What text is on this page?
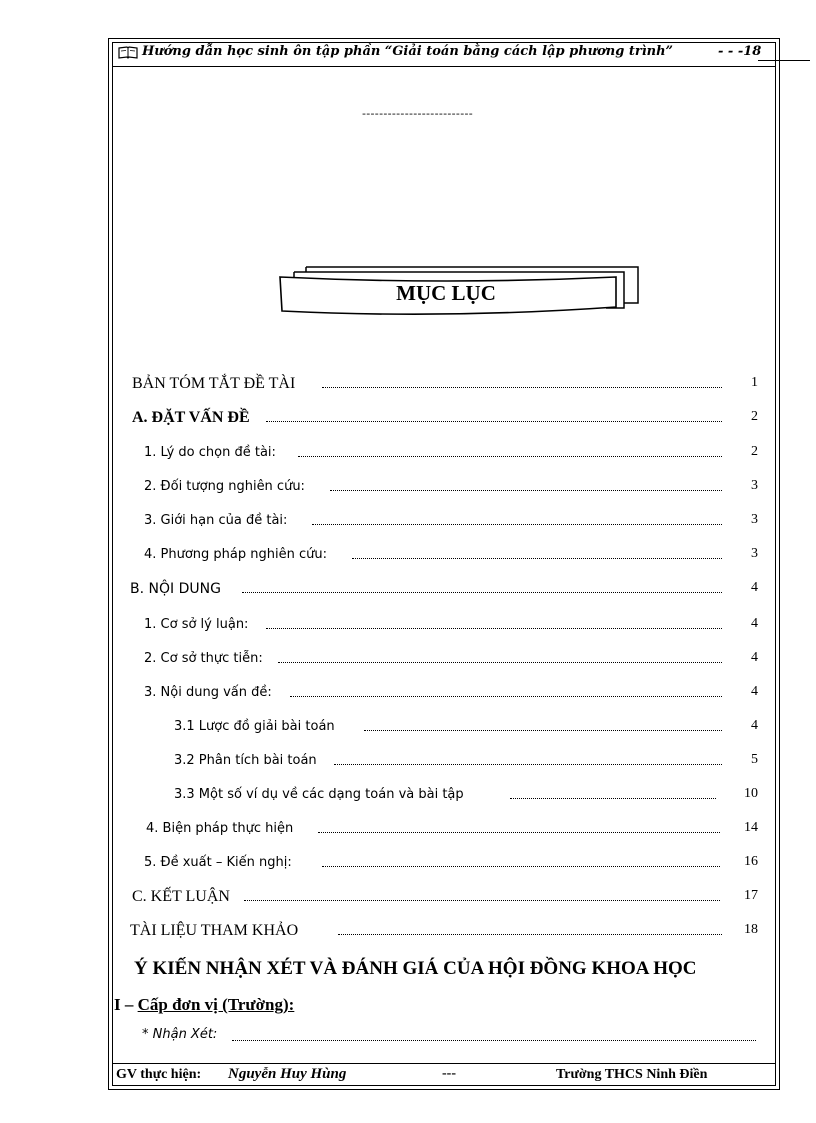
Hướng dẫn học sinh ôn tập phần “Giải toán bằng cách lập phương trình”	- - -18
--------------------------
MỤC LỤC
BẢN TÓM TẮT ĐỀ TÀI	1
A. ĐẶT VẤN ĐỀ	2
1. Lý do chọn đề tài:	2
2. Đối tượng nghiên cứu:	3
3. Giới hạn của đề tài:	3
4. Phương pháp nghiên cứu:	3
B. NỘI DUNG	4
1. Cơ sở lý luận:	4
2. Cơ sở thực tiễn:	4
3. Nội dung vấn đề:	4
3.1 Lược đồ giải bài toán	4
3.2 Phân tích bài toán	5
3.3 Một số ví dụ về các dạng toán và bài tập	10
4. Biện pháp thực hiện	14
5. Đề xuất – Kiến nghị:	16
C. KẾT LUẬN	17
TÀI LIỆU THAM KHẢO	18
Ý KIẾN NHẬN XÉT VÀ ĐÁNH GIÁ CỦA HỘI ĐỒNG KHOA HỌC
I – Cấp đơn vị (Trường):
* Nhận Xét:
GV thực hiện: Nguyễn Huy Hùng	---	Trường THCS Ninh Điền
